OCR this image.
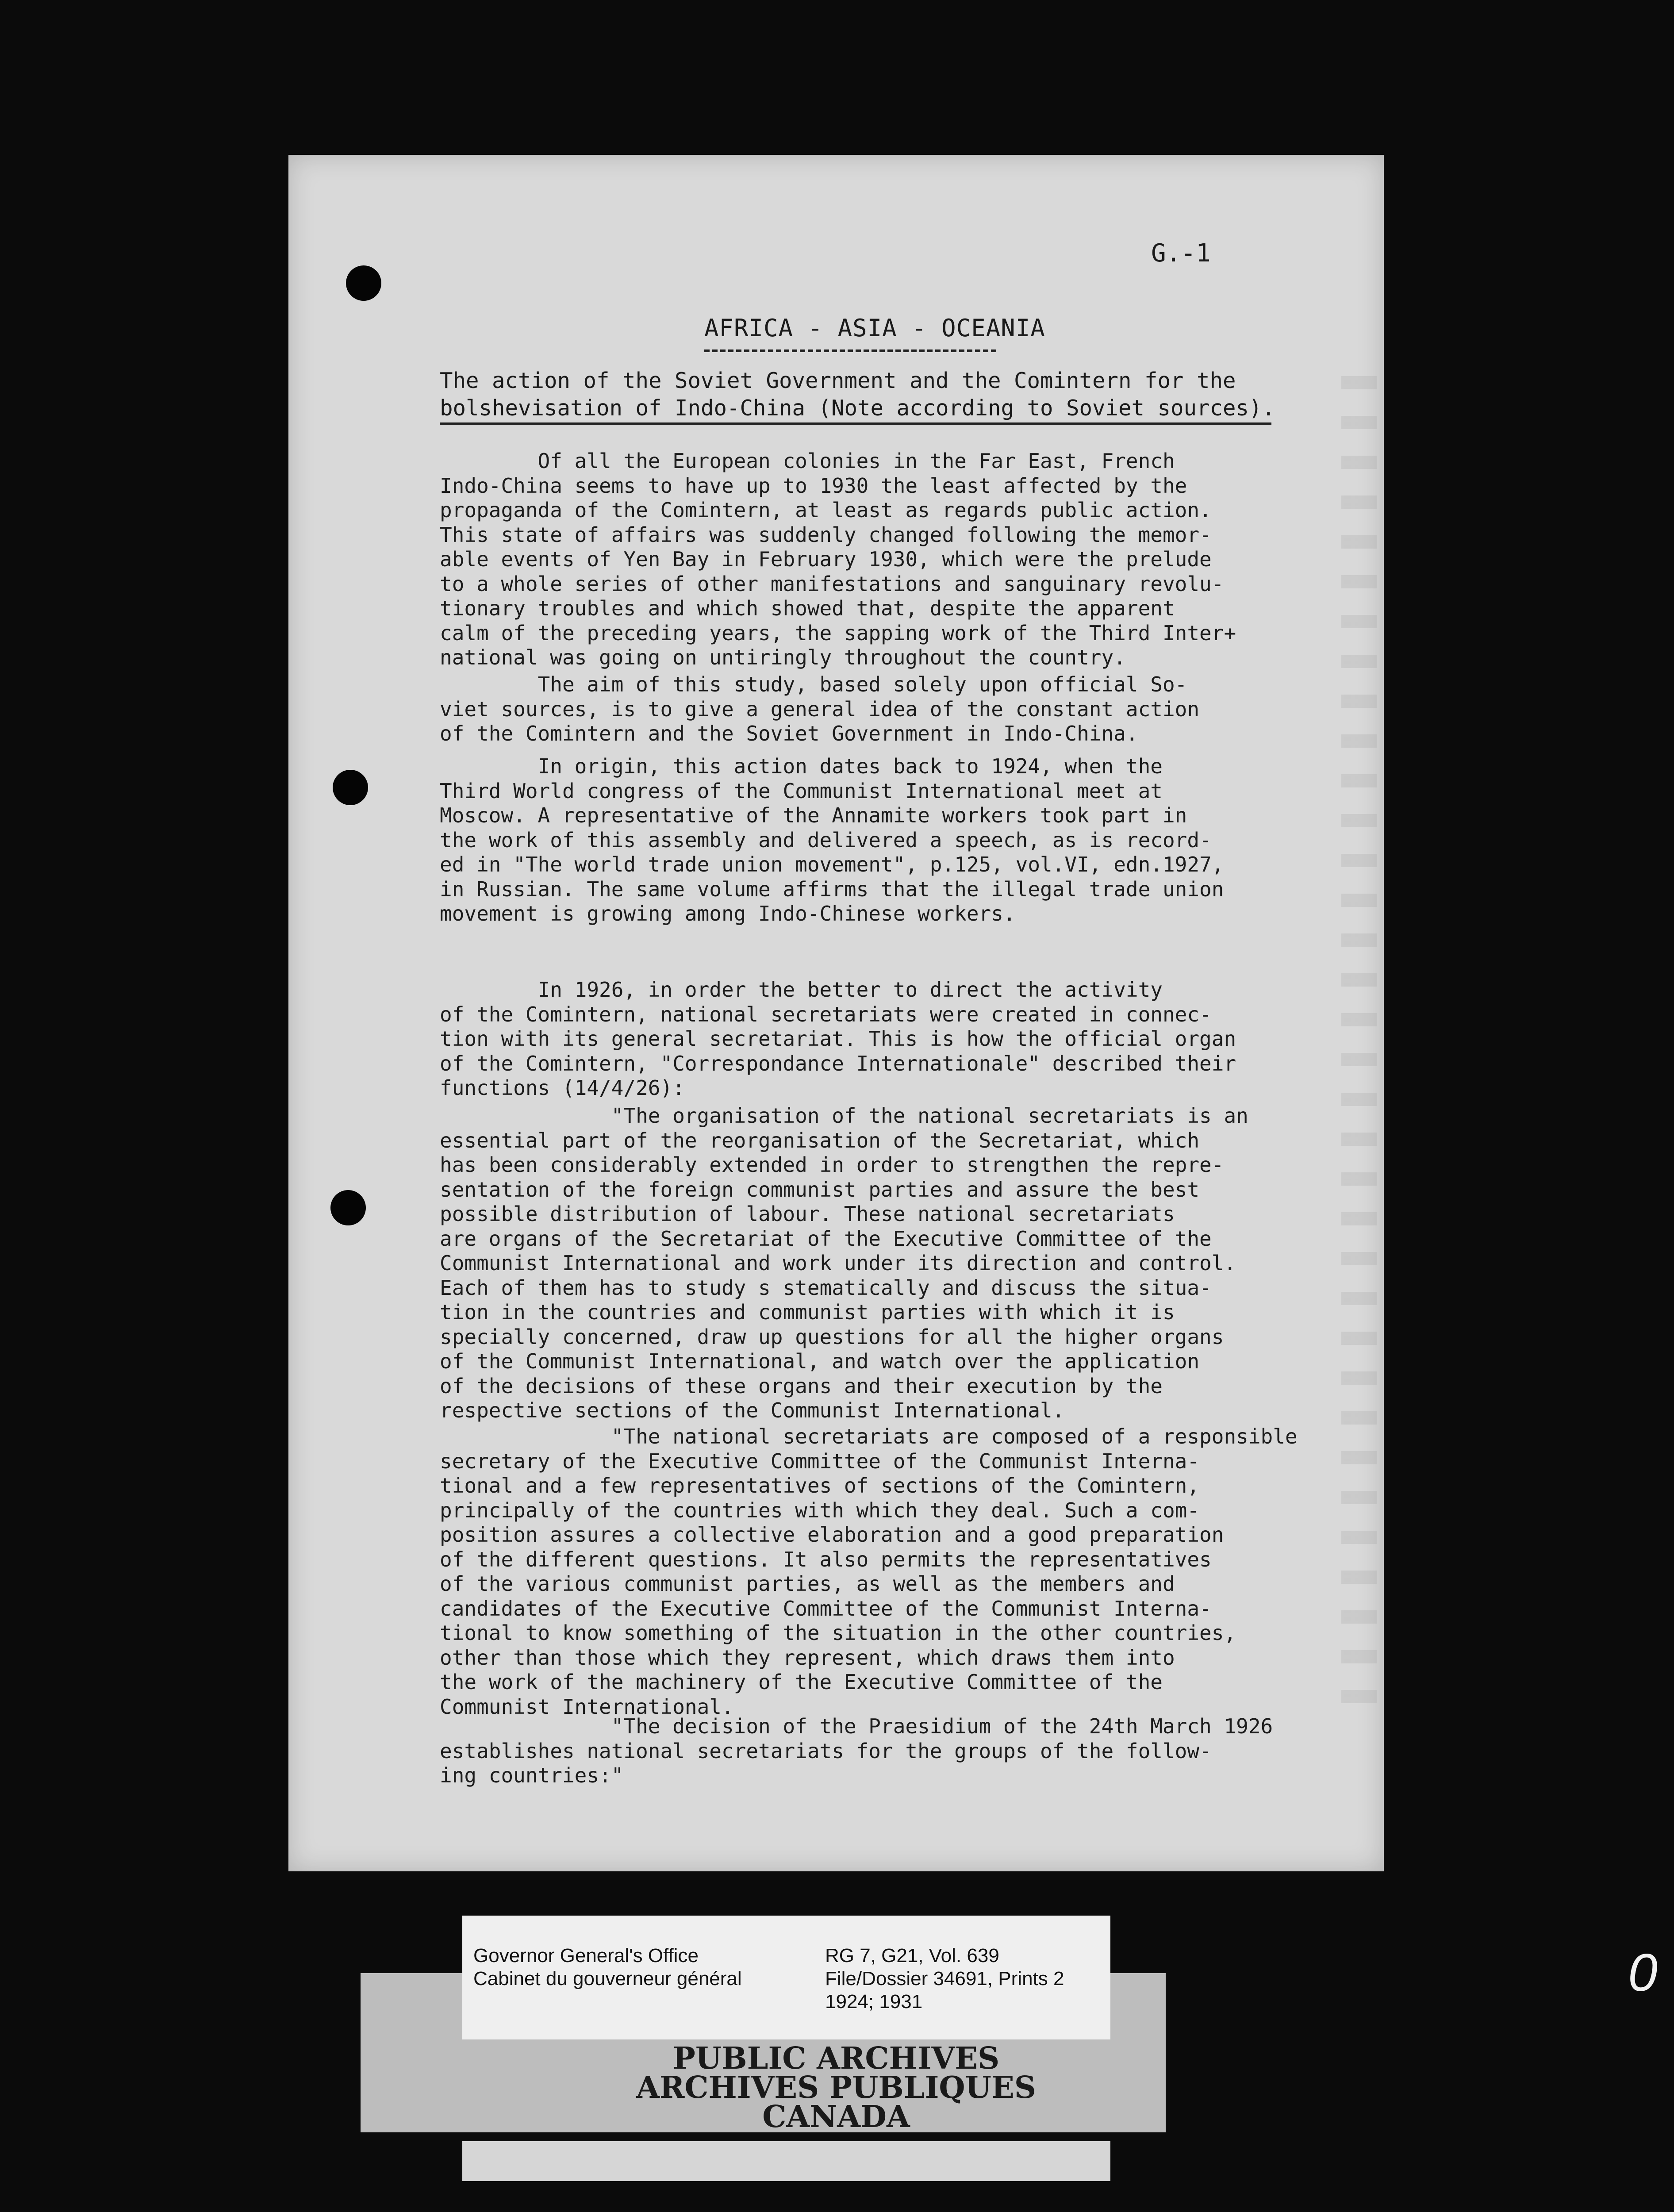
G.-1
AFRICA - ASIA - OCEANIA
The action of the Soviet Government and the Comintern for the
bolshevisation of Indo-China (Note according to Soviet sources).

Of all the European colonies in the Far East, French
Indo-China seems to have up to 1930 the least affected by the
propaganda of the Comintern, at least as regards public action.
This state of affairs was suddenly changed following the memor-
able events of Yen Bay in February 1930, which were the prelude
to a whole series of other manifestations and sanguinary revolu-
tionary troubles and which showed that, despite the apparent
calm of the preceding years, the sapping work of the Third Inter+
national was going on untiringly throughout the country.

The aim of this study, based solely upon official So-
viet sources, is to give a general idea of the constant action
of the Comintern and the Soviet Government in Indo-China.

In origin, this action dates back to 1924, when the
Third World congress of the Communist International meet at
Moscow. A representative of the Annamite workers took part in
the work of this assembly and delivered a speech, as is record-
ed in "The world trade union movement", p.125, vol.VI, edn.1927,
in Russian. The same volume affirms that the illegal trade union
movement is growing among Indo-Chinese workers.

In 1926, in order the better to direct the activity
of the Comintern, national secretariats were created in connec-
tion with its general secretariat. This is how the official organ
of the Comintern, "Correspondance Internationale" described their
functions (14/4/26):

"The organisation of the national secretariats is an
essential part of the reorganisation of the Secretariat, which
has been considerably extended in order to strengthen the repre-
sentation of the foreign communist parties and assure the best
possible distribution of labour. These national secretariats
are organs of the Secretariat of the Executive Committee of the
Communist International and work under its direction and control.
Each of them has to study s stematically and discuss the situa-
tion in the countries and communist parties with which it is
specially concerned, draw up questions for all the higher organs
of the Communist International, and watch over the application
of the decisions of these organs and their execution by the
respective sections of the Communist International.

"The national secretariats are composed of a responsible
secretary of the Executive Committee of the Communist Interna-
tional and a few representatives of sections of the Comintern,
principally of the countries with which they deal. Such a com-
position assures a collective elaboration and a good preparation
of the different questions. It also permits the representatives
of the various communist parties, as well as the members and
candidates of the Executive Committee of the Communist Interna-
tional to know something of the situation in the other countries,
other than those which they represent, which draws them into
the work of the machinery of the Executive Committee of the
Communist International.

"The decision of the Praesidium of the 24th March 1926
establishes national secretariats for the groups of the follow-
ing countries:"

Governor General's Office
Cabinet du gouverneur général
RG 7, G21, Vol. 639
File/Dossier 34691, Prints 2
1924; 1931
PUBLIC ARCHIVES
ARCHIVES PUBLIQUES
CANADA
0
